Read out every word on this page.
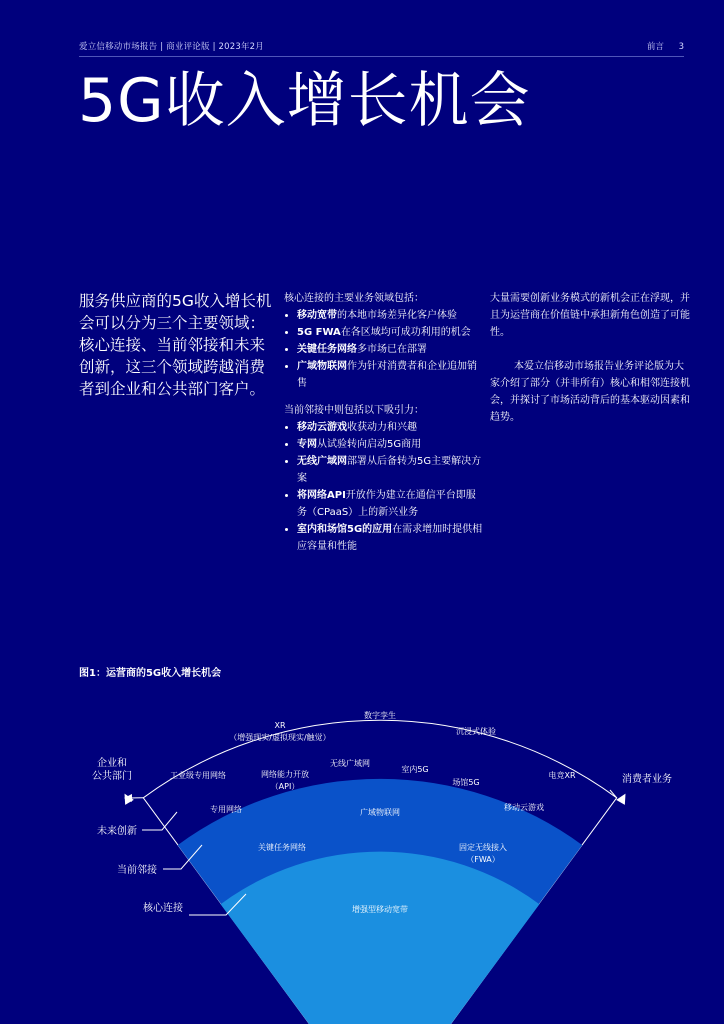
爱立信移动市场报告 | 商业评论版 | 2023年2月	前言 3
5G收入增长机会

服务供应商的5G收入增长机会可以分为三个主要领域：核心连接、当前邻接和未来创新，这三个领域跨越消费者到企业和公共部门客户。

核心连接的主要业务领域包括：

• 移动宽带的本地市场差异化客户体验
• 5G FWA在各区域均可成功利用的机会
• 关键任务网络多市场已在部署
• 广域物联网作为针对消费者和企业追加销售

当前邻接中则包括以下吸引力：

• 移动云游戏收获动力和兴趣
• 专网从试验转向启动5G商用
• 无线广域网部署从后备转为5G主要解决方案
• 将网络API开放作为建立在通信平台即服务（CPaaS）上的新兴业务
• 室内和场馆5G的应用在需求增加时提供相应容量和性能

大量需要创新业务模式的新机会正在浮现，并且为运营商在价值链中承担新角色创造了可能性。

本爱立信移动市场报告业务评论版为大家介绍了部分（并非所有）核心和相邻连接机会，并探讨了市场活动背后的基本驱动因素和趋势。

图1：运营商的5G收入增长机会

企业和
公共部门	消费者业务
未来创新
当前邻接
核心连接
XR
（增强现实/虚拟现实/触觉）
数字孪生
沉浸式体验
工业级专用网络	电竞XR
网络能力开放
（API）
无线广域网
室内5G
场馆5G
专用网络	移动云游戏
广域物联网
关键任务网络	固定无线接入
（FWA）
增强型移动宽带
